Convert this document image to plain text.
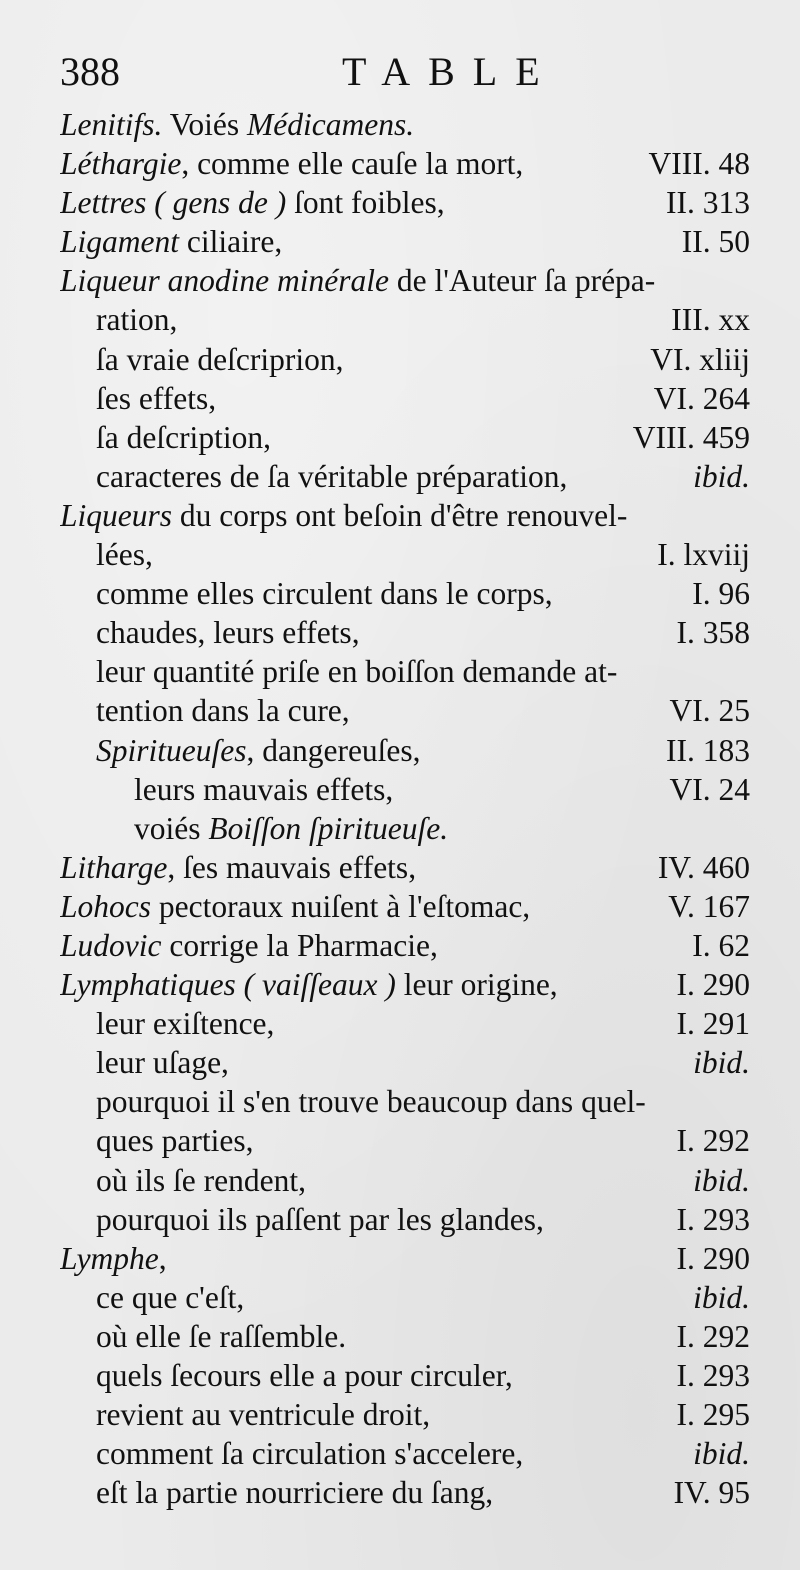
388	TABLE
Lenitifs. Voiés Médicamens.
Léthargie, comme elle cauſe la mort,	VIII. 48
Lettres ( gens de ) ſont foibles,	II. 313
Ligament ciliaire,	II. 50
Liqueur anodine minérale de l'Auteur ſa prépa-
ration,	III. xx
ſa vraie deſcriprion,	VI. xliij
ſes effets,	VI. 264
ſa deſcription,	VIII. 459
caracteres de ſa véritable préparation,	ibid.
Liqueurs du corps ont beſoin d'être renouvel-
lées,	I. lxviij
comme elles circulent dans le corps,	I. 96
chaudes, leurs effets,	I. 358
leur quantité priſe en boiſſon demande at-
tention dans la cure,	VI. 25
Spiritueuſes, dangereuſes,	II. 183
leurs mauvais effets,	VI. 24
voiés Boiſſon ſpiritueuſe.
Litharge, ſes mauvais effets,	IV. 460
Lohocs pectoraux nuiſent à l'eſtomac,	V. 167
Ludovic corrige la Pharmacie,	I. 62
Lymphatiques ( vaiſſeaux ) leur origine,	I. 290
leur exiſtence,	I. 291
leur uſage,	ibid.
pourquoi il s'en trouve beaucoup dans quel-
ques parties,	I. 292
où ils ſe rendent,	ibid.
pourquoi ils paſſent par les glandes,	I. 293
Lymphe,	I. 290
ce que c'eſt,	ibid.
où elle ſe raſſemble.	I. 292
quels ſecours elle a pour circuler,	I. 293
revient au ventricule droit,	I. 295
comment ſa circulation s'accelere,	ibid.
eſt la partie nourriciere du ſang,	IV. 95
